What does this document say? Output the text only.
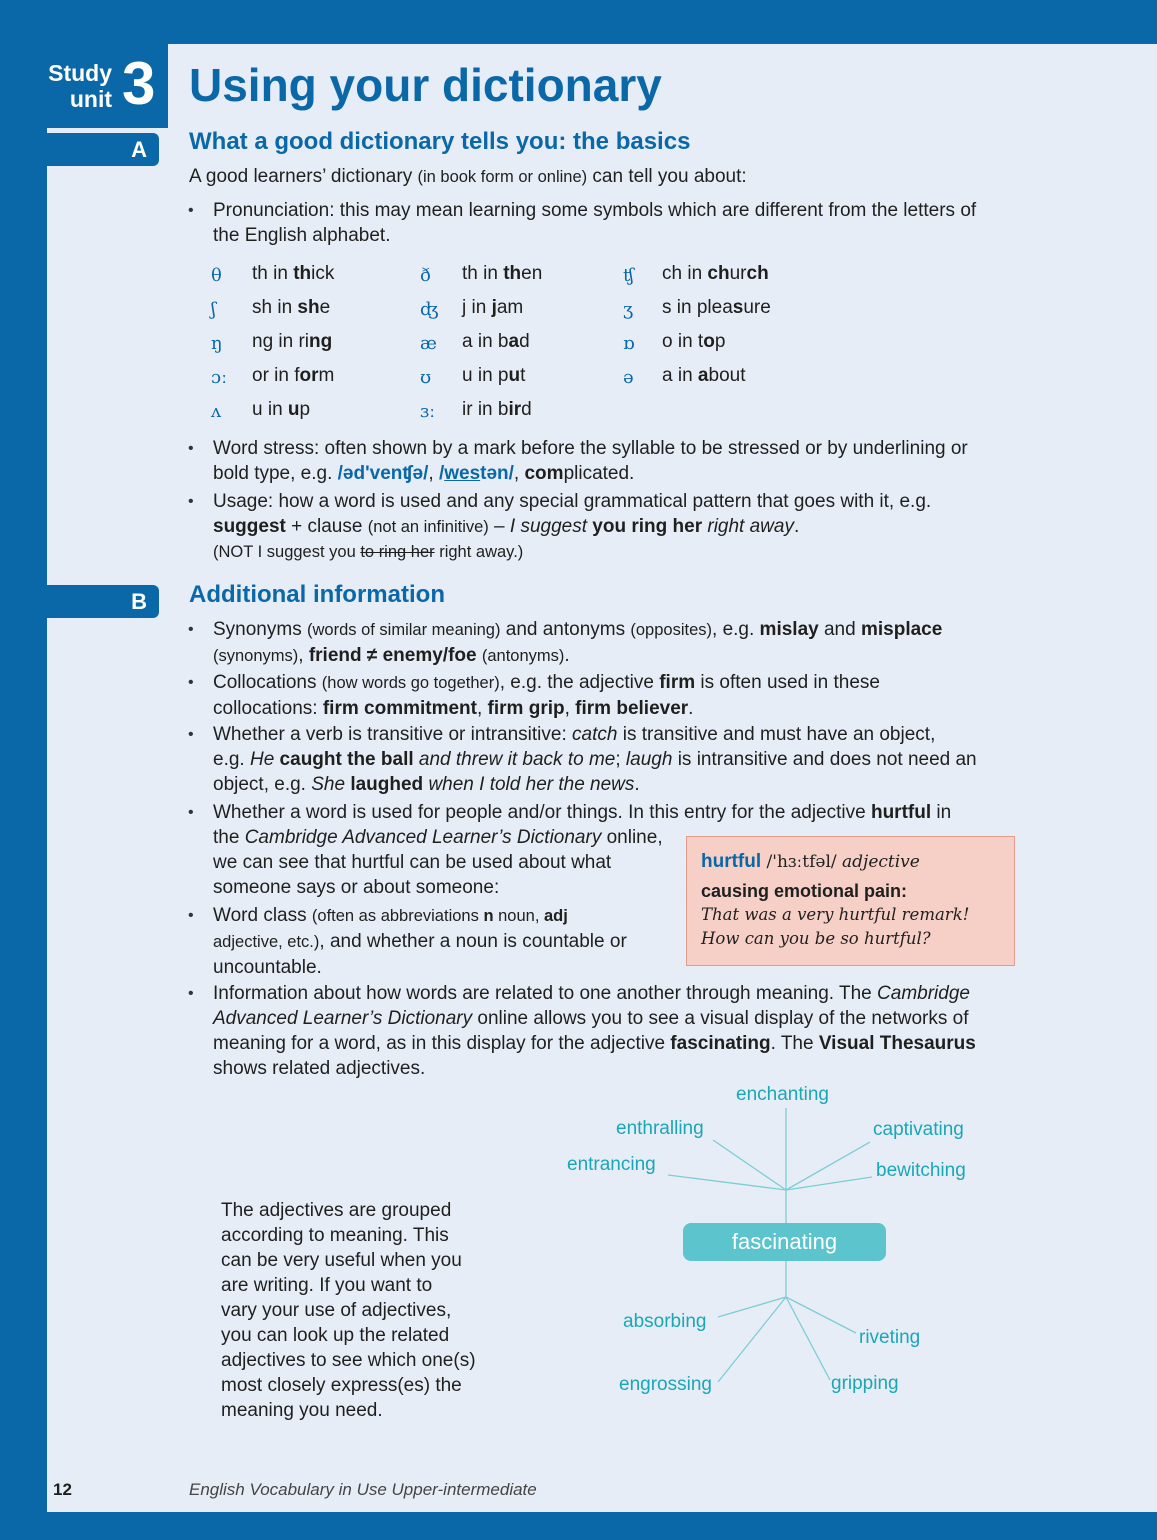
Study
unit 3 Using your dictionary
A	What a good dictionary tells you: the basics
A good learners’ dictionary (in book form or online) can tell you about:
• Pronunciation: this may mean learning some symbols which are different from the letters of
the English alphabet.
θ th in thick	ð th in then	ʧ ch in church
ʃ sh in she	ʤ j in jam	ʒ s in pleasure
ŋ ng in ring	æ a in bad	ɒ o in top
ɔː or in form	ʊ u in put	ə a in about
ʌ u in up	ɜː ir in bird
• Word stress: often shown by a mark before the syllable to be stressed or by underlining or
bold type, e.g. /əd'venʧə/, /westən/, complicated.
• Usage: how a word is used and any special grammatical pattern that goes with it, e.g.
suggest + clause (not an infinitive) – I suggest you ring her right away.
(NOT I suggest you to ring her right away.)
B	Additional information
• Synonyms (words of similar meaning) and antonyms (opposites), e.g. mislay and misplace
(synonyms), friend ≠ enemy/foe (antonyms).
• Collocations (how words go together), e.g. the adjective firm is often used in these
collocations: firm commitment, firm grip, firm believer.
• Whether a verb is transitive or intransitive: catch is transitive and must have an object,
e.g. He caught the ball and threw it back to me; laugh is intransitive and does not need an
object, e.g. She laughed when I told her the news.
• Whether a word is used for people and/or things. In this entry for the adjective hurtful in
the Cambridge Advanced Learner’s Dictionary online,
we can see that hurtful can be used about what
someone says or about someone:
• Word class (often as abbreviations n noun, adj
adjective, etc.), and whether a noun is countable or
uncountable.
hurtful /'hɜːtfəl/ adjective
causing emotional pain:
That was a very hurtful remark!
How can you be so hurtful?
• Information about how words are related to one another through meaning. The Cambridge
Advanced Learner’s Dictionary online allows you to see a visual display of the networks of
meaning for a word, as in this display for the adjective fascinating. The Visual Thesaurus
shows related adjectives.
The adjectives are grouped
according to meaning. This
can be very useful when you
are writing. If you want to
vary your use of adjectives,
you can look up the related
adjectives to see which one(s)
most closely express(es) the
meaning you need.
enchanting
enthralling	captivating
entrancing	bewitching
fascinating
absorbing
riveting
engrossing	gripping
12	English Vocabulary in Use Upper-intermediate
